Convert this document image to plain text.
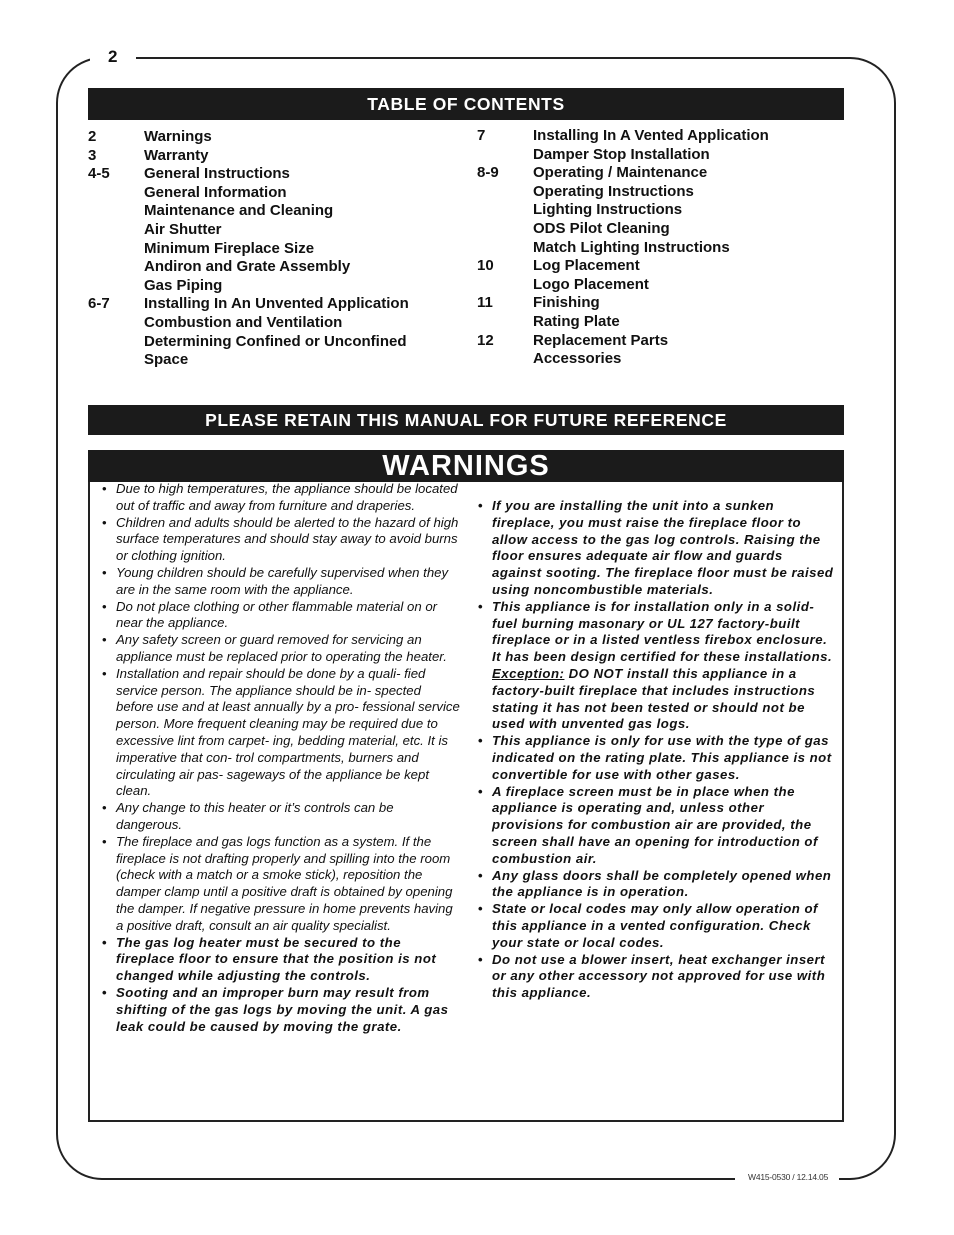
2
W415-0530 / 12.14.05
TABLE OF CONTENTS
2	Warnings
3	Warranty
4-5	General Instructions
General Information
Maintenance and Cleaning
Air Shutter
Minimum Fireplace Size
Andiron and Grate Assembly
Gas Piping
6-7	Installing In An Unvented Application
Combustion and Ventilation
Determining Confined or Unconfined
Space
7	Installing In A Vented Application
Damper Stop Installation
8-9	Operating / Maintenance
Operating Instructions
Lighting Instructions
ODS Pilot Cleaning
Match Lighting Instructions
10	Log Placement
Logo Placement
11	Finishing
Rating Plate
12	Replacement Parts
Accessories
PLEASE RETAIN THIS MANUAL FOR FUTURE REFERENCE
WARNINGS
• Due to high temperatures, the appliance should be located out of traffic and away from furniture and draperies.
• Children and adults should be alerted to the hazard of high surface temperatures and should stay away to avoid burns or clothing ignition.
• Young children should be carefully supervised when they are in the same room with the appliance.
• Do not place clothing or other flammable material on or near the appliance.
• Any safety screen or guard removed for servicing an appliance must be replaced prior to operating the heater.
• Installation and repair should be done by a quali- fied service person. The appliance should be in- spected before use and at least annually by a pro- fessional service person. More frequent cleaning may be required due to excessive lint from carpet- ing, bedding material, etc. It is imperative that con- trol compartments, burners and circulating air pas- sageways of the appliance be kept clean.
• Any change to this heater or it’s controls can be dangerous.
• The fireplace and gas logs function as a system. If the fireplace is not drafting properly and spilling into the room (check with a match or a smoke stick), reposition the damper clamp until a positive draft is obtained by opening the damper. If negative pressure in home prevents having a positive draft, consult an air quality specialist.
• The gas log heater must be secured to the fireplace floor to ensure that the position is not changed while adjusting the controls.
• Sooting and an improper burn may result from shifting of the gas logs by moving the unit. A gas leak could be caused by moving the grate.
• If you are installing the unit into a sunken fireplace, you must raise the fireplace floor to allow access to the gas log controls. Raising the floor ensures adequate air flow and guards against sooting. The fireplace floor must be raised using noncombustible materials.
• This appliance is for installation only in a solid-fuel burning masonary or UL 127 factory-built fireplace or in a listed ventless firebox enclosure. It has been design certified for these installations. Exception: DO NOT install this appliance in a factory-built fireplace that includes instructions stating it has not been tested or should not be used with unvented gas logs.
• This appliance is only for use with the type of gas indicated on the rating plate. This appliance is not convertible for use with other gases.
• A fireplace screen must be in place when the appliance is operating and, unless other provisions for combustion air are provided, the screen shall have an opening for introduction of combustion air.
• Any glass doors shall be completely opened when the appliance is in operation.
• State or local codes may only allow operation of this appliance in a vented configuration. Check your state or local codes.
• Do not use a blower insert, heat exchanger insert or any other accessory not approved for use with this appliance.
